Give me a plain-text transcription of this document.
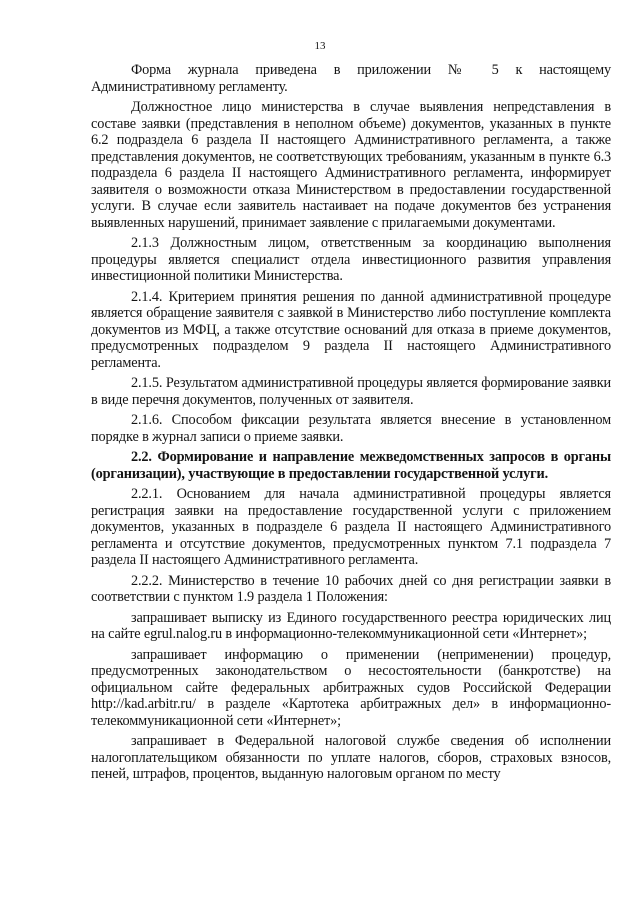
13

Форма журнала приведена в приложении № 5 к настоящему Административному регламенту.

Должностное лицо министерства в случае выявления непредставления в составе заявки (представления в неполном объеме) документов, указанных в пункте 6.2 подраздела 6 раздела II настоящего Административного регламента, а также представления документов, не соответствующих требованиям, указанным в пункте 6.3 подраздела 6 раздела II настоящего Административного регламента, информирует заявителя о возможности отказа Министерством в предоставлении государственной услуги. В случае если заявитель настаивает на подаче документов без устранения выявленных нарушений, принимает заявление с прилагаемыми документами.

2.1.3 Должностным лицом, ответственным за координацию выполнения процедуры является специалист отдела инвестиционного развития управления инвестиционной политики Министерства.

2.1.4. Критерием принятия решения по данной административной процедуре является обращение заявителя с заявкой в Министерство либо поступление комплекта документов из МФЦ, а также отсутствие оснований для отказа в приеме документов, предусмотренных подразделом 9 раздела II настоящего Административного регламента.

2.1.5. Результатом административной процедуры является формирование заявки в виде перечня документов, полученных от заявителя.

2.1.6. Способом фиксации результата является внесение в установленном порядке в журнал записи о приеме заявки.

2.2. Формирование и направление межведомственных запросов в органы (организации), участвующие в предоставлении государственной услуги.

2.2.1. Основанием для начала административной процедуры является регистрация заявки на предоставление государственной услуги с приложением документов, указанных в подразделе 6 раздела II настоящего Административного регламента и отсутствие документов, предусмотренных пунктом 7.1 подраздела 7 раздела II настоящего Административного регламента.

2.2.2. Министерство в течение 10 рабочих дней со дня регистрации заявки в соответствии с пунктом 1.9 раздела 1 Положения:

запрашивает выписку из Единого государственного реестра юридических лиц на сайте egrul.nalog.ru в информационно-телекоммуникационной сети «Интернет»;

запрашивает информацию о применении (неприменении) процедур, предусмотренных законодательством о несостоятельности (банкротстве) на официальном сайте федеральных арбитражных судов Российской Федерации http://kad.arbitr.ru/ в разделе «Картотека арбитражных дел» в информационно-телекоммуникационной сети «Интернет»;

запрашивает в Федеральной налоговой службе сведения об исполнении налогоплательщиком обязанности по уплате налогов, сборов, страховых взносов, пеней, штрафов, процентов, выданную налоговым органом по месту
